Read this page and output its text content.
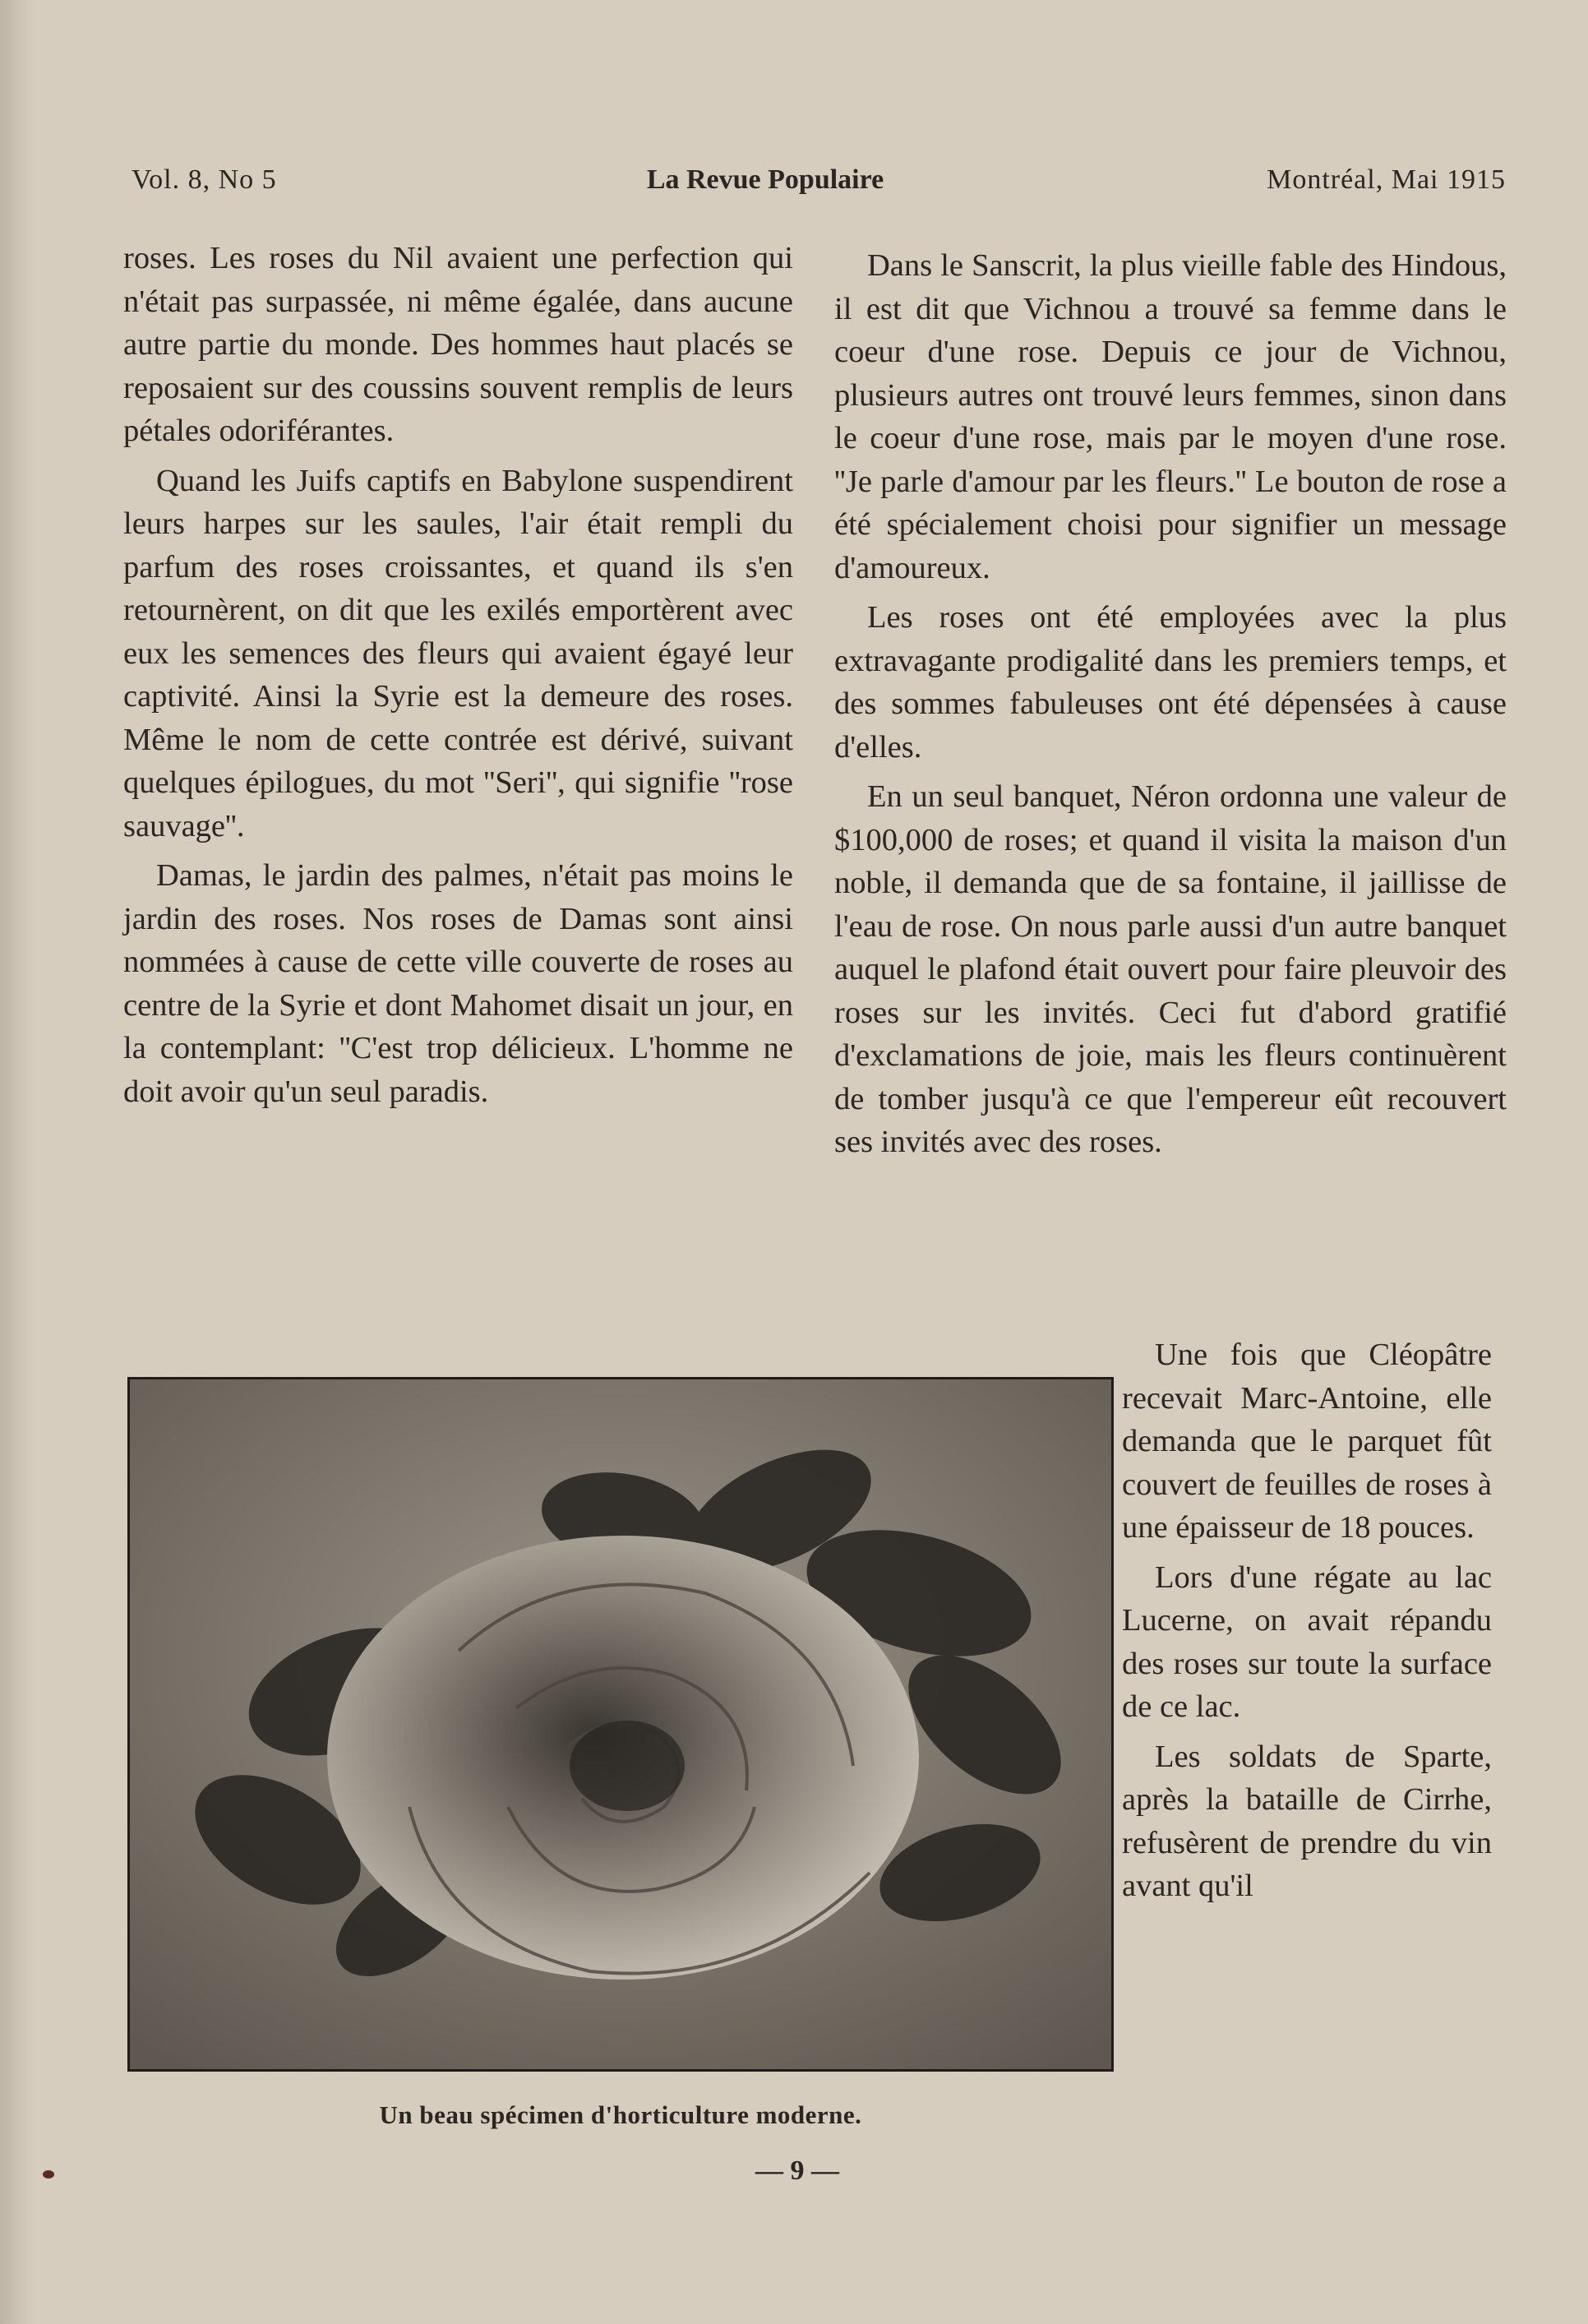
Vol. 8, No 5	La Revue Populaire	Montréal, Mai 1915

roses. Les roses du Nil avaient une perfection qui n'était pas surpassée, ni même égalée, dans aucune autre partie du monde. Des hommes haut placés se reposaient sur des coussins souvent remplis de leurs pétales odoriférantes.

Quand les Juifs captifs en Babylone suspendirent leurs harpes sur les saules, l'air était rempli du parfum des roses croissantes, et quand ils s'en retournèrent, on dit que les exilés emportèrent avec eux les semences des fleurs qui avaient égayé leur captivité. Ainsi la Syrie est la demeure des roses. Même le nom de cette contrée est dérivé, suivant quelques épilogues, du mot ''Seri'', qui signifie ''rose sauvage''.

Damas, le jardin des palmes, n'était pas moins le jardin des roses. Nos roses de Damas sont ainsi nommées à cause de cette ville couverte de roses au centre de la Syrie et dont Mahomet disait un jour, en la contemplant: ''C'est trop délicieux. L'homme ne doit avoir qu'un seul paradis.

Dans le Sanscrit, la plus vieille fable des Hindous, il est dit que Vichnou a trouvé sa femme dans le coeur d'une rose. Depuis ce jour de Vichnou, plusieurs autres ont trouvé leurs femmes, sinon dans le coeur d'une rose, mais par le moyen d'une rose. ''Je parle d'amour par les fleurs.'' Le bouton de rose a été spécialement choisi pour signifier un message d'amoureux.

Les roses ont été employées avec la plus extravagante prodigalité dans les premiers temps, et des sommes fabuleuses ont été dépensées à cause d'elles.

En un seul banquet, Néron ordonna une valeur de $100,000 de roses; et quand il visita la maison d'un noble, il demanda que de sa fontaine, il jaillisse de l'eau de rose. On nous parle aussi d'un autre banquet auquel le plafond était ouvert pour faire pleuvoir des roses sur les invités. Ceci fut d'abord gratifié d'exclamations de joie, mais les fleurs continuèrent de tomber jusqu'à ce que l'empereur eût recouvert ses invités avec des roses.

Une fois que Cléopâtre recevait Marc-Antoine, elle demanda que le parquet fût couvert de feuilles de roses à une épaisseur de 18 pouces.

Lors d'une régate au lac Lucerne, on avait répandu des roses sur toute la surface de ce lac.

Les soldats de Sparte, après la bataille de Cirrhe, refusèrent de prendre du vin avant qu'il

Un beau spécimen d'horticulture moderne.
— 9 —
